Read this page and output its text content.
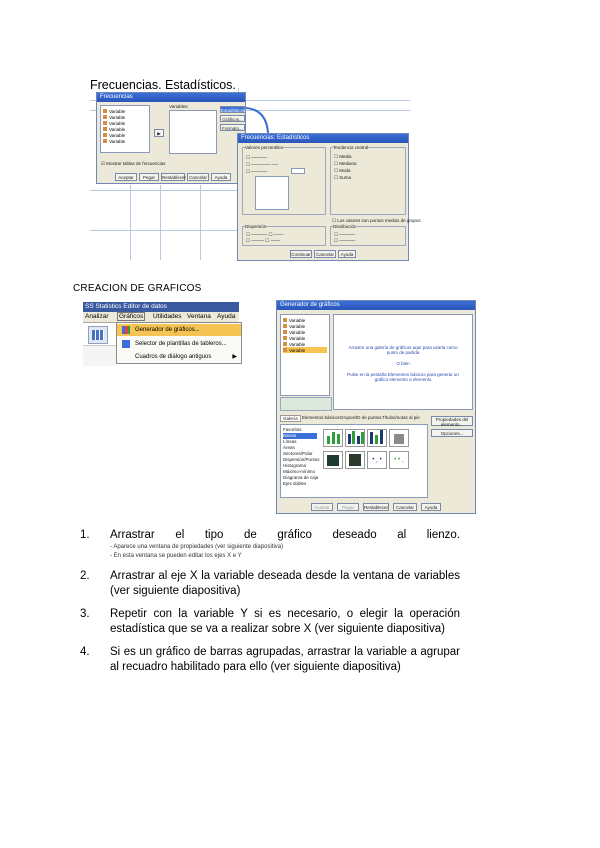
Frecuencias. Estadísticos.
Frecuencias
Variable
Variable
Variable
Variable
Variable
Variable
▶
Variables:
Estadísticos...
Gráficos...
Formato...
☑ Mostrar tablas de frecuencias
Aceptar	Pegar	Restablecer Cancelar	Ayuda
Frecuencias: Estadísticos
Valores percentiles
☐ ─────
☐ ────── ──
☐ ─────
Tendencia central
☐ Media
☐ Mediana
☐ Moda
☐ Suma
☐ Los valores son puntos medios de grupos
Dispersión
☐ ───── ☐ ───
☐ ──── ☐ ───
Distribución
☐ ─────
☐ ─────
Continuar	Cancelar	Ayuda
CREACION DE GRAFICOS
SS Statistics Editor de datos
Analizar Gráficos Utilidades Ventana Ayuda
Generador de gráficos...
Selector de plantillas de tableros...
Cuadros de diálogo antiguos	▶
Generador de gráficos
Variable
Variable
Variable
Variable
Variable
Variable	Arrastre una galería de gráficos aquí para usarla como punto de partida
O bien
Pulse en la pestaña Elementos básicos para generar un gráfico elemento a elemento
Galería Elementos básicos Grupos/ID de puntos Títulos/notas al pie
Favoritos
Barras
Líneas
Áreas
Sectores/Polar
Dispersión/Puntos
Histograma
Máximo-mínimo
Diagrama de caja
Ejes dobles
• ¸ •	• • ¸
Propiedades del elemento...
Opciones...
Aceptar	Pegar	Restablecer	Cancelar	Ayuda
1. Arrastrar el tipo de gráfico deseado al lienzo.
- Aparece una ventana de propiedades (ver siguiente diapositiva)
- En esta ventana se pueden editar los ejes X e Y
2. Arrastrar al eje X la variable deseada desde la ventana de variables (ver siguiente diapositiva)
3. Repetir con la variable Y si es necesario, o elegir la operación estadística que se va a realizar sobre X (ver siguiente diapositiva)
4. Si es un gráfico de barras agrupadas, arrastrar la variable a agrupar al recuadro habilitado para ello (ver siguiente diapositiva)
